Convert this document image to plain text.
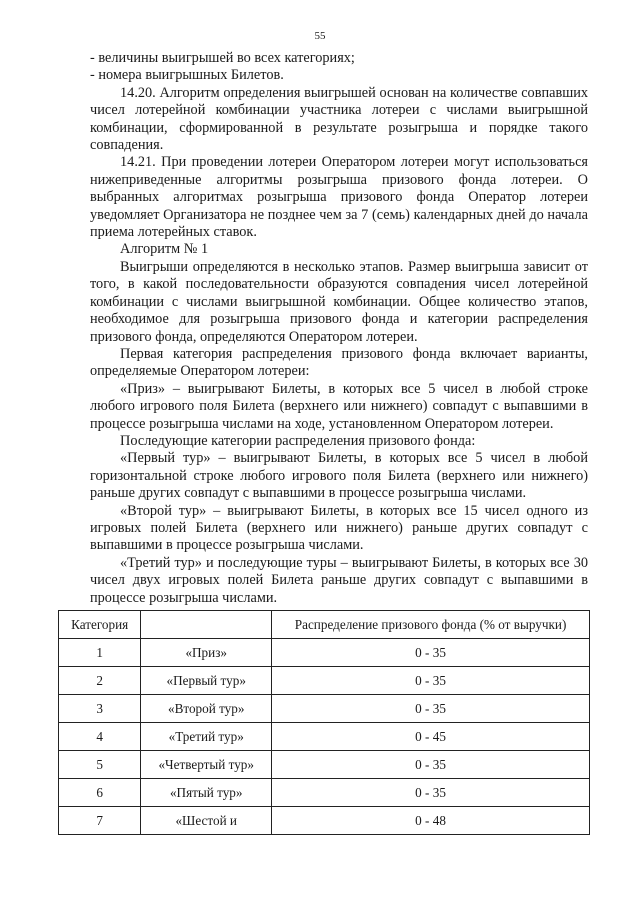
55

- величины выигрышей во всех категориях;

- номера выигрышных Билетов.

14.20. Алгоритм определения выигрышей основан на количестве совпавших чисел лотерейной комбинации участника лотереи с числами выигрышной комбинации, сформированной в результате розыгрыша и порядке такого совпадения.

14.21. При проведении лотереи Оператором лотереи могут использоваться нижеприведенные алгоритмы розыгрыша призового фонда лотереи. О выбранных алгоритмах розыгрыша призового фонда Оператор лотереи уведомляет Организатора не позднее чем за 7 (семь) календарных дней до начала приема лотерейных ставок.

Алгоритм № 1

Выигрыши определяются в несколько этапов. Размер выигрыша зависит от того, в какой последовательности образуются совпадения чисел лотерейной комбинации с числами выигрышной комбинации. Общее количество этапов, необходимое для розыгрыша призового фонда и категории распределения призового фонда, определяются Оператором лотереи.

Первая категория распределения призового фонда включает варианты, определяемые Оператором лотереи:

«Приз» – выигрывают Билеты, в которых все 5 чисел в любой строке любого игрового поля Билета (верхнего или нижнего) совпадут с выпавшими в процессе розыгрыша числами на ходе, установленном Оператором лотереи.

Последующие категории распределения призового фонда:

«Первый тур» – выигрывают Билеты, в которых все 5 чисел в любой горизонтальной строке любого игрового поля Билета (верхнего или нижнего) раньше других совпадут с выпавшими в процессе розыгрыша числами.

«Второй тур» – выигрывают Билеты, в которых все 15 чисел одного из игровых полей Билета (верхнего или нижнего) раньше других совпадут с выпавшими в процессе розыгрыша числами.

«Третий тур» и последующие туры – выигрывают Билеты, в которых все 30 чисел двух игровых полей Билета раньше других совпадут с выпавшими в процессе розыгрыша числами.

Категория		Распределение призового фонда (% от выручки)
1	«Приз»	0 - 35
2	«Первый тур»	0 - 35
3	«Второй тур»	0 - 35
4	«Третий тур»	0 - 45
5	«Четвертый тур»	0 - 35
6	«Пятый тур»	0 - 35
7	«Шестой и	0 - 48
